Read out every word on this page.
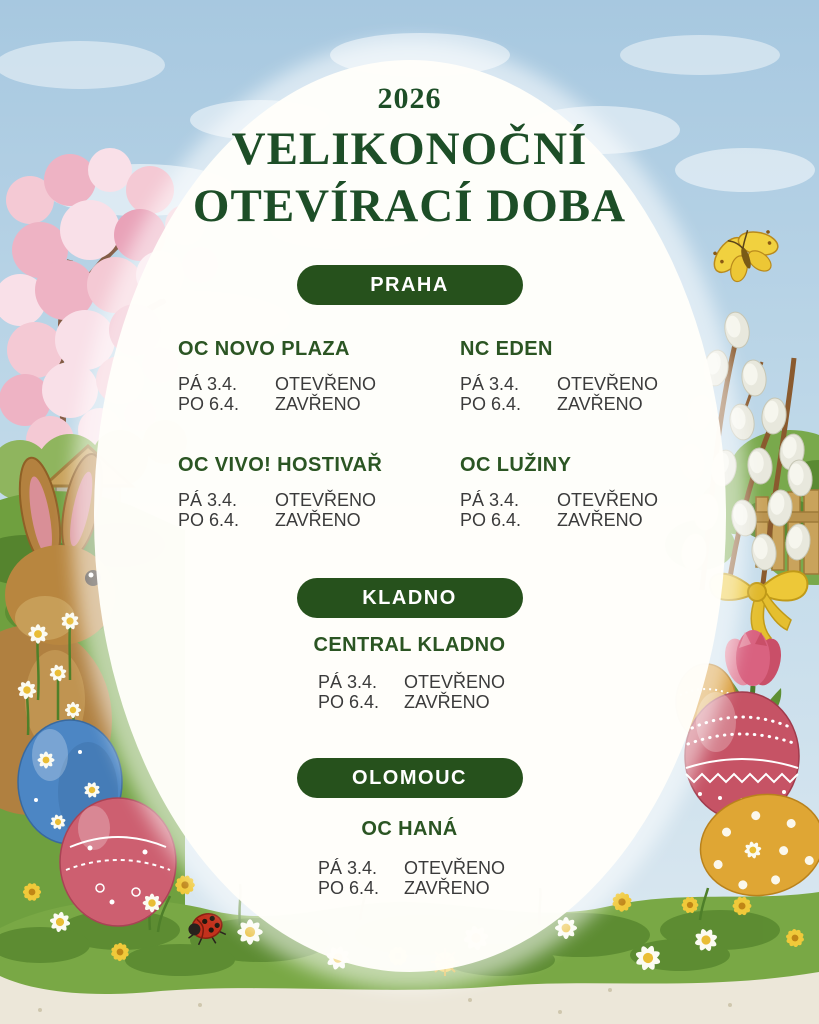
2026
VELIKONOČNÍ
OTEVÍRACÍ DOBA
PRAHA
OC NOVO PLAZA
PÁ 3.4.	OTEVŘENO
PO 6.4.	ZAVŘENO
NC EDEN
PÁ 3.4.	OTEVŘENO
PO 6.4.	ZAVŘENO
OC VIVO! HOSTIVAŘ
PÁ 3.4.	OTEVŘENO
PO 6.4.	ZAVŘENO
OC LUŽINY
PÁ 3.4.	OTEVŘENO
PO 6.4.	ZAVŘENO
KLADNO
CENTRAL KLADNO
PÁ 3.4.	OTEVŘENO
PO 6.4.	ZAVŘENO
OLOMOUC
OC HANÁ
PÁ 3.4.	OTEVŘENO
PO 6.4.	ZAVŘENO
